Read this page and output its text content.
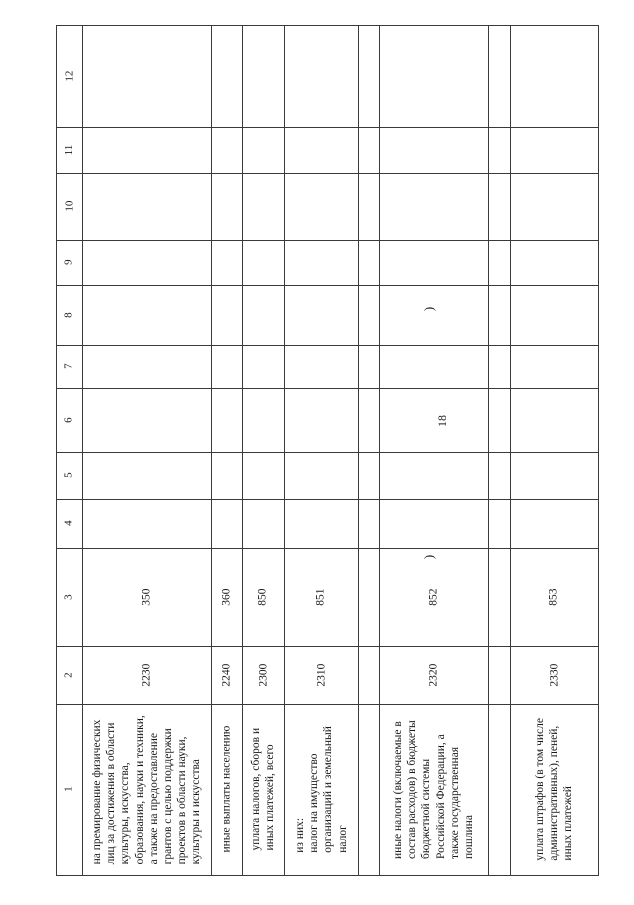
18
)
)
12
11
10
9
8
7
6
5
4
3
2
1 на премирование физических лиц за достижения в области культуры, искусства, образования, науки и техники, а также на предоставление грантов с целью поддержки проектов в области науки, культуры и искусства
2230
350
иные выплаты населению
2240
360
уплата налогов, сборов и иных платежей, всего
2300
850
из них: налог на имущество организаций и земельный налог
2310
851
иные налоги (включаемые в состав расходов) в бюджеты бюджетной системы Российской Федерации, а также государственная пошлина
2320
852
уплата штрафов (в том числе административных), пеней, иных платежей
2330
853
